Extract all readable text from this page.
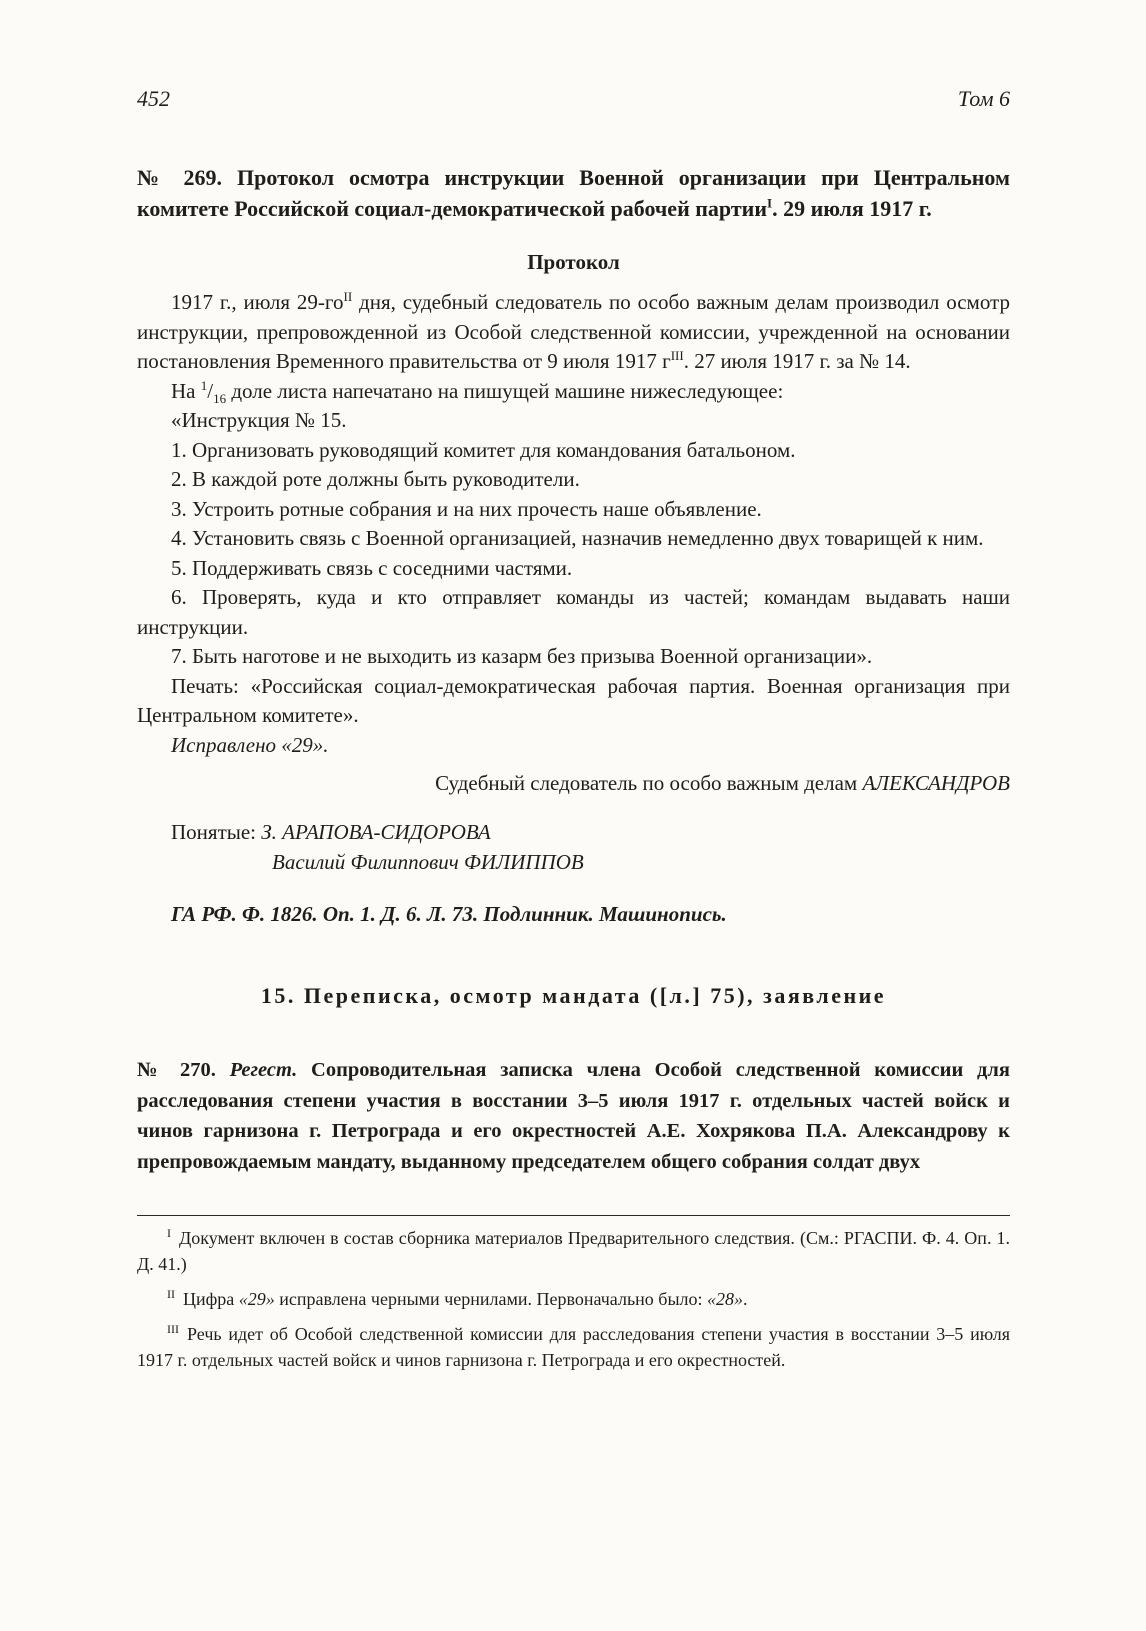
452	Том 6

№ 269. Протокол осмотра инструкции Военной организации при Центральном комитете Российской социал-демократической рабочей партии$^I$. 29 июля 1917 г.

Протокол

1917 г., июля 29-го$^{II}$ дня, судебный следователь по особо важным делам производил осмотр инструкции, препровожденной из Особой следственной комиссии, учрежденной на основании постановления Временного правительства от 9 июля 1917 г$^{III}$. 27 июля 1917 г. за № 14.

На $^1/_{16}$ доле листа напечатано на пишущей машине нижеследующее:

«Инструкция № 15.

1. Организовать руководящий комитет для командования батальоном.

2. В каждой роте должны быть руководители.

3. Устроить ротные собрания и на них прочесть наше объявление.

4. Установить связь с Военной организацией, назначив немедленно двух товарищей к ним.

5. Поддерживать связь с соседними частями.

6. Проверять, куда и кто отправляет команды из частей; командам выдавать наши инструкции.

7. Быть наготове и не выходить из казарм без призыва Военной организации».

Печать: «Российская социал-демократическая рабочая партия. Военная организация при Центральном комитете».

Исправлено «29».

Судебный следователь по особо важным делам АЛЕКСАНДРОВ

Понятые: З. АРАПОВА-СИДОРОВА

Василий Филиппович ФИЛИППОВ

ГА РФ. Ф. 1826. Оп. 1. Д. 6. Л. 73. Подлинник. Машинопись.

15. Переписка, осмотр мандата ([л.] 75), заявление

№ 270. Регест. Сопроводительная записка члена Особой следственной комиссии для расследования степени участия в восстании 3–5 июля 1917 г. отдельных частей войск и чинов гарнизона г. Петрограда и его окрестностей А.Е. Хохрякова П.А. Александрову к препровождаемым мандату, выданному председателем общего собрания солдат двух

$^I$ Документ включен в состав сборника материалов Предварительного следствия. (См.: РГАСПИ. Ф. 4. Оп. 1. Д. 41.)

$^{II}$ Цифра «29» исправлена черными чернилами. Первоначально было: «28».

$^{III}$ Речь идет об Особой следственной комиссии для расследования степени участия в восстании 3–5 июля 1917 г. отдельных частей войск и чинов гарнизона г. Петрограда и его окрестностей.
